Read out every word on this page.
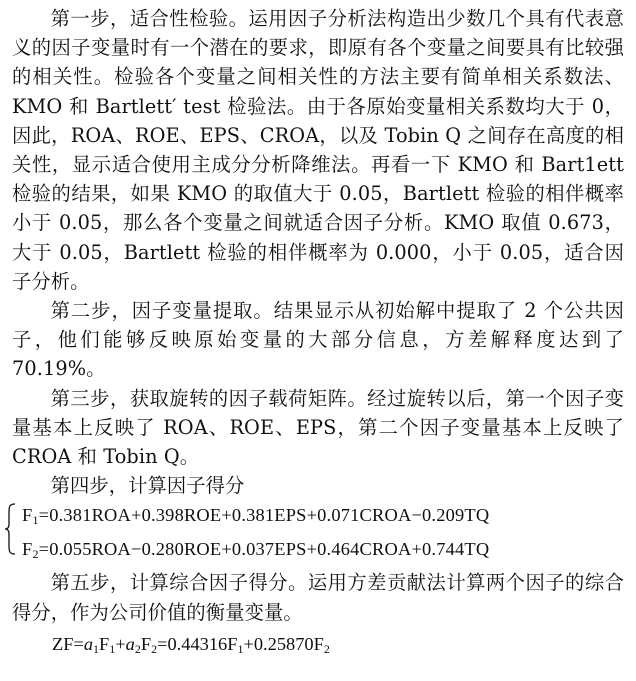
第一步，适合性检验。运用因子分析法构造出少数几个具有代表意义的因子变量时有一个潜在的要求，即原有各个变量之间要具有比较强的相关性。检验各个变量之间相关性的方法主要有简单相关系数法、KMO 和 Bartlett′ test 检验法。由于各原始变量相关系数均大于 0，因此，ROA、ROE、EPS、CROA，以及 Tobin Q 之间存在高度的相关性，显示适合使用主成分分析降维法。再看一下 KMO 和 Bart1ett 检验的结果，如果 KMO 的取值大于 0.05，Bartlett 检验的相伴概率小于 0.05，那么各个变量之间就适合因子分析。KMO 取值 0.673，大于 0.05，Bartlett 检验的相伴概率为 0.000，小于 0.05，适合因子分析。

第二步，因子变量提取。结果显示从初始解中提取了 2 个公共因子，他们能够反映原始变量的大部分信息，方差解释度达到了 70.19%。

第三步，获取旋转的因子载荷矩阵。经过旋转以后，第一个因子变量基本上反映了 ROA、ROE、EPS，第二个因子变量基本上反映了 CROA 和 Tobin Q。

第四步，计算因子得分

$F_1=0.381ROA+0.398ROE+0.381EPS+0.071CROA-0.209TQ$
$F_2=0.055ROA-0.280ROE+0.037EPS+0.464CROA+0.744TQ$

第五步，计算综合因子得分。运用方差贡献法计算两个因子的综合得分，作为公司价值的衡量变量。

$ZF=a_1F_1+a_2F_2=0.44316F_1+0.25870F_2$
